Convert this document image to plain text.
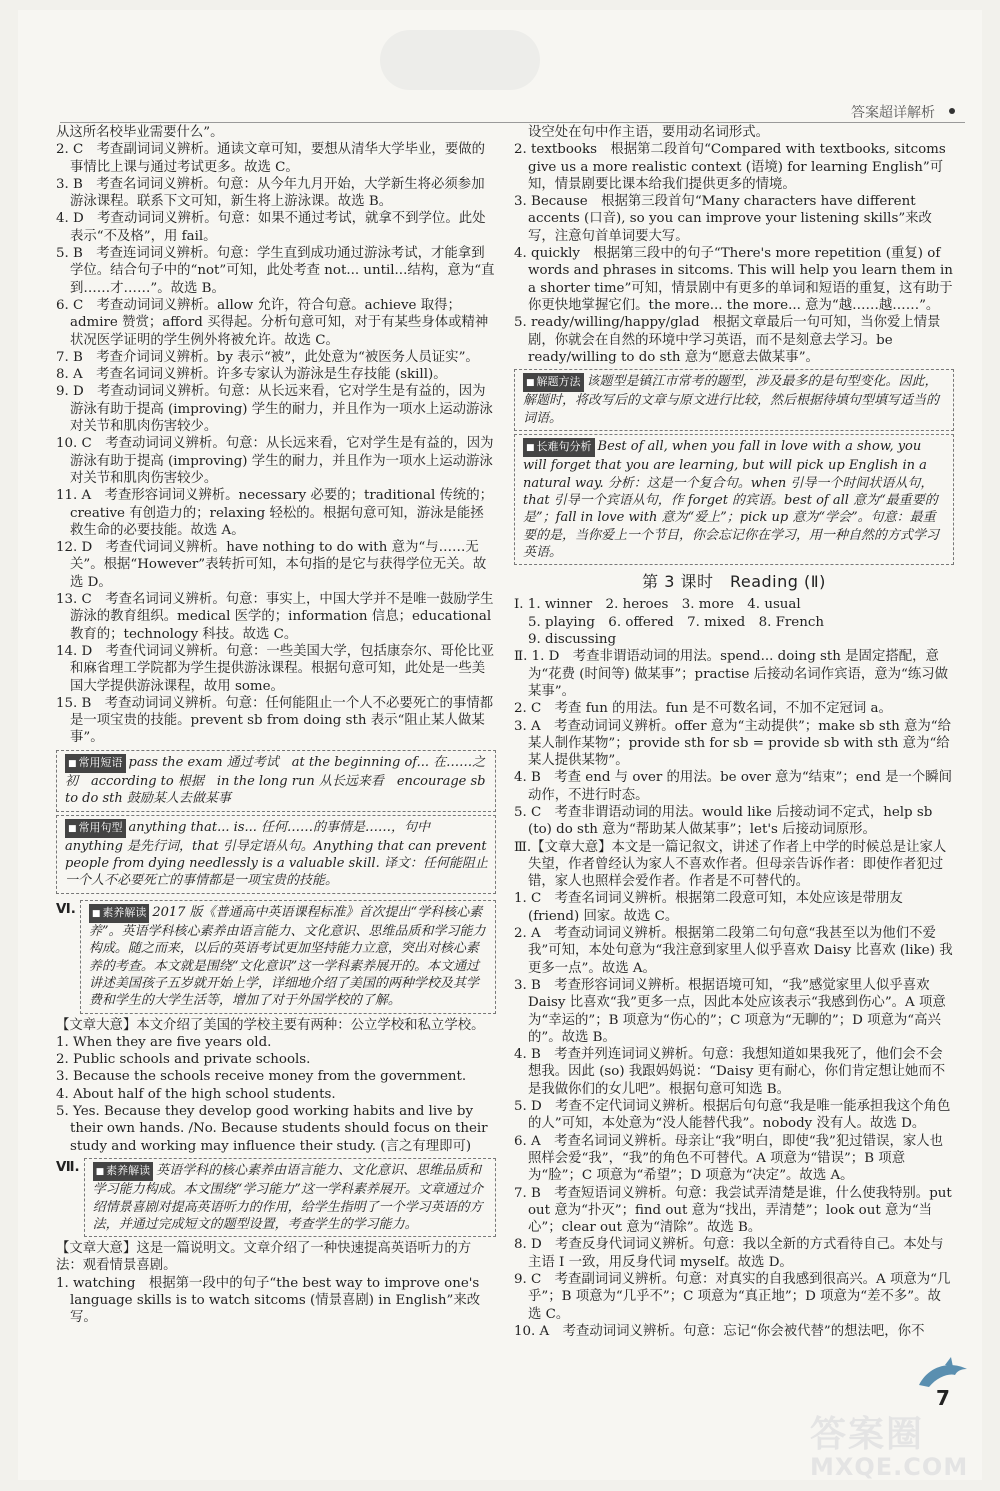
答案超详解析

从这所名校毕业需要什么”。

2. C　考查副词词义辨析。通读文章可知，要想从清华大学毕业，要做的事情比上课与通过考试更多。故选 C。

3. B　考查名词词义辨析。句意：从今年九月开始，大学新生将必须参加游泳课程。联系下文可知，新生将上游泳课。故选 B。

4. D　考查动词词义辨析。句意：如果不通过考试，就拿不到学位。此处表示“不及格”，用 fail。

5. B　考查连词词义辨析。句意：学生直到成功通过游泳考试，才能拿到学位。结合句子中的“not”可知，此处考查 not... until...结构，意为“直到……才……”。故选 B。

6. C　考查动词词义辨析。allow 允许，符合句意。achieve 取得；admire 赞赏；afford 买得起。分析句意可知，对于有某些身体或精神状况医学证明的学生例外将被允许。故选 C。

7. B　考查介词词义辨析。by 表示“被”，此处意为“被医务人员证实”。

8. A　考查名词词义辨析。许多专家认为游泳是生存技能 (skill)。

9. D　考查动词词义辨析。句意：从长远来看，它对学生是有益的，因为游泳有助于提高 (improving) 学生的耐力，并且作为一项水上运动游泳对关节和肌肉伤害较少。

10. C　考查动词词义辨析。句意：从长远来看，它对学生是有益的，因为游泳有助于提高 (improving) 学生的耐力，并且作为一项水上运动游泳对关节和肌肉伤害较少。

11. A　考查形容词词义辨析。necessary 必要的；traditional 传统的；creative 有创造力的；relaxing 轻松的。根据句意可知，游泳是能拯救生命的必要技能。故选 A。

12. D　考查代词词义辨析。have nothing to do with 意为“与……无关”。根据“However”表转折可知，本句指的是它与获得学位无关。故选 D。

13. C　考查名词词义辨析。句意：事实上，中国大学并不是唯一鼓励学生游泳的教育组织。medical 医学的；information 信息；educational 教育的；technology 科技。故选 C。

14. D　考查代词词义辨析。句意：一些美国大学，包括康奈尔、哥伦比亚和麻省理工学院都为学生提供游泳课程。根据句意可知，此处是一些美国大学提供游泳课程，故用 some。

15. B　考查动词词义辨析。句意：任何能阻止一个人不必要死亡的事情都是一项宝贵的技能。prevent sb from doing sth 表示“阻止某人做某事”。

■ 常用短语 pass the exam 通过考试　at the beginning of... 在……之初　according to 根据　in the long run 从长远来看　encourage sb to do sth 鼓励某人去做某事
■ 常用句型 anything that... is... 任何……的事情是……，句中 anything 是先行词，that 引导定语从句。Anything that can prevent people from dying needlessly is a valuable skill. 译文：任何能阻止一个人不必要死亡的事情都是一项宝贵的技能。
Ⅵ.	■ 素养解读 2017 版《普通高中英语课程标准》首次提出“学科核心素养”。英语学科核心素养由语言能力、文化意识、思维品质和学习能力构成。随之而来，以后的英语考试更加坚持能力立意，突出对核心素养的考查。本文就是围绕“文化意识”这一学科素养展开的。本文通过讲述美国孩子五岁就开始上学，详细地介绍了美国的两种学校及其学费和学生的大学生活等，增加了对于外国学校的了解。

【文章大意】本文介绍了美国的学校主要有两种：公立学校和私立学校。

1. When they are five years old.

2. Public schools and private schools.

3. Because the schools receive money from the government.

4. About half of the high school students.

5. Yes. Because they develop good working habits and live by their own hands. /No. Because students should focus on their study and working may influence their study. (言之有理即可)

Ⅶ.	■ 素养解读 英语学科的核心素养由语言能力、文化意识、思维品质和学习能力构成。本文围绕“学习能力”这一学科素养展开。文章通过介绍情景喜剧对提高英语听力的作用，给学生指明了一个学习英语的方法，并通过完成短文的题型设置，考查学生的学习能力。

【文章大意】这是一篇说明文。文章介绍了一种快速提高英语听力的方法：观看情景喜剧。

1. watching　根据第一段中的句子“the best way to improve one's language skills is to watch sitcoms (情景喜剧) in English”来改写。

设空处在句中作主语，要用动名词形式。

2. textbooks　根据第二段首句“Compared with textbooks, sitcoms give us a more realistic context (语境) for learning English”可知，情景剧要比课本给我们提供更多的情境。

3. Because　根据第三段首句“Many characters have different accents (口音), so you can improve your listening skills”来改写，注意句首单词要大写。

4. quickly　根据第三段中的句子“There's more repetition (重复) of words and phrases in sitcoms. This will help you learn them in a shorter time”可知，情景剧中有更多的单词和短语的重复，这有助于你更快地掌握它们。the more... the more... 意为“越……越……”。

5. ready/willing/happy/glad　根据文章最后一句可知，当你爱上情景剧，你就会在自然的环境中学习英语，而不是刻意去学习。be ready/willing to do sth 意为“愿意去做某事”。

■ 解题方法 该题型是镇江市常考的题型，涉及最多的是句型变化。因此，解题时，将改写后的文章与原文进行比较，然后根据待填句型填写适当的词语。
■ 长难句分析 Best of all, when you fall in love with a show, you will forget that you are learning, but will pick up English in a natural way. 分析：这是一个复合句。when 引导一个时间状语从句，that 引导一个宾语从句，作 forget 的宾语。best of all 意为“最重要的是”；fall in love with 意为“爱上”；pick up 意为“学会”。句意：最重要的是，当你爱上一个节目，你会忘记你在学习，用一种自然的方式学习英语。
第 3 课时　Reading (Ⅱ)

Ⅰ. 1. winner　2. heroes　3. more　4. usual

5. playing　6. offered　7. mixed　8. French

9. discussing

Ⅱ. 1. D　考查非谓语动词的用法。spend... doing sth 是固定搭配，意为“花费 (时间等) 做某事”；practise 后接动名词作宾语，意为“练习做某事”。

2. C　考查 fun 的用法。fun 是不可数名词，不加不定冠词 a。

3. A　考查动词词义辨析。offer 意为“主动提供”；make sb sth 意为“给某人制作某物”；provide sth for sb = provide sb with sth 意为“给某人提供某物”。

4. B　考查 end 与 over 的用法。be over 意为“结束”；end 是一个瞬间动作，不进行时态。

5. C　考查非谓语动词的用法。would like 后接动词不定式，help sb (to) do sth 意为“帮助某人做某事”；let's 后接动词原形。

Ⅲ.【文章大意】本文是一篇记叙文，讲述了作者上中学的时候总是让家人失望，作者曾经认为家人不喜欢作者。但母亲告诉作者：即使作者犯过错，家人也照样会爱作者。作者是不可替代的。

1. C　考查名词词义辨析。根据第二段意可知，本处应该是带朋友 (friend) 回家。故选 C。

2. A　考查动词词义辨析。根据第二段第二句句意“我甚至以为他们不爱我”可知，本处句意为“我注意到家里人似乎喜欢 Daisy 比喜欢 (like) 我更多一点”。故选 A。

3. B　考查形容词词义辨析。根据语境可知，“我”感觉家里人似乎喜欢 Daisy 比喜欢“我”更多一点，因此本处应该表示“我感到伤心”。A 项意为“幸运的”；B 项意为“伤心的”；C 项意为“无聊的”；D 项意为“高兴的”。故选 B。

4. B　考查并列连词词义辨析。句意：我想知道如果我死了，他们会不会想我。因此 (so) 我跟妈妈说：“Daisy 更有耐心，你们肯定想让她而不是我做你们的女儿吧”。根据句意可知选 B。

5. D　考查不定代词词义辨析。根据后句句意“我是唯一能承担我这个角色的人”可知，本处意为“没人能替代我”。nobody 没有人。故选 D。

6. A　考查名词词义辨析。母亲让“我”明白，即使“我”犯过错误，家人也照样会爱“我”，“我”的角色不可替代。A 项意为“错误”；B 项意为“脸”；C 项意为“希望”；D 项意为“决定”。故选 A。

7. B　考查短语词义辨析。句意：我尝试弄清楚是谁，什么使我特别。put out 意为“扑灭”；find out 意为“找出，弄清楚”；look out 意为“当心”；clear out 意为“清除”。故选 B。

8. D　考查反身代词词义辨析。句意：我以全新的方式看待自己。本处与主语 I 一致，用反身代词 myself。故选 D。

9. C　考查副词词义辨析。句意：对真实的自我感到很高兴。A 项意为“几乎”；B 项意为“几乎不”；C 项意为“真正地”；D 项意为“差不多”。故选 C。

10. A　考查动词词义辨析。句意：忘记“你会被代替”的想法吧，你不

7
答案圈
MXQE.COM
